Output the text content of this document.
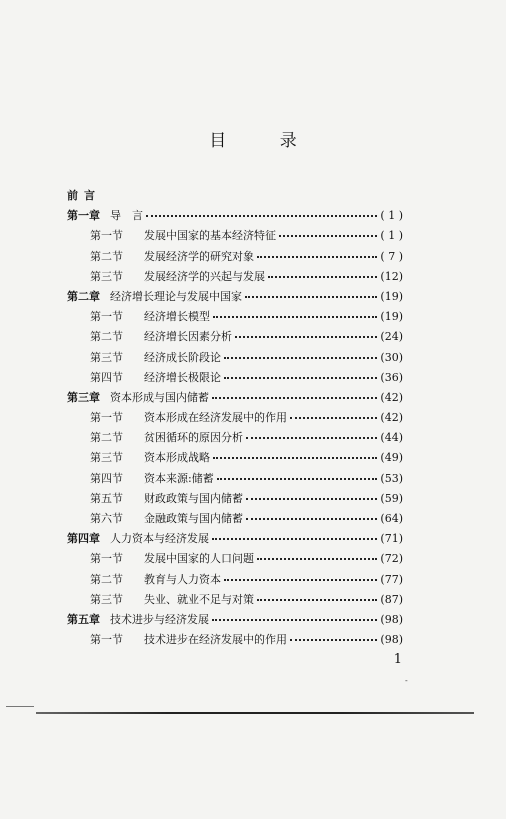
目 录
前言
第一章 导　言	( 1 )
第一节	发展中国家的基本经济特征	( 1 )
第二节	发展经济学的研究对象	( 7 )
第三节	发展经济学的兴起与发展	(12)
第二章 经济增长理论与发展中国家	(19)
第一节	经济增长模型	(19)
第二节	经济增长因素分析	(24)
第三节	经济成长阶段论	(30)
第四节	经济增长极限论	(36)
第三章 资本形成与国内储蓄	(42)
第一节	资本形成在经济发展中的作用	(42)
第二节	贫困循环的原因分析	(44)
第三节	资本形成战略	(49)
第四节	资本来源:储蓄	(53)
第五节	财政政策与国内储蓄	(59)
第六节	金融政策与国内储蓄	(64)
第四章 人力资本与经济发展	(71)
第一节	发展中国家的人口问题	(72)
第二节	教育与人力资本	(77)
第三节	失业、就业不足与对策	(87)
第五章 技术进步与经济发展	(98)
第一节	技术进步在经济发展中的作用	(98)
1
-
